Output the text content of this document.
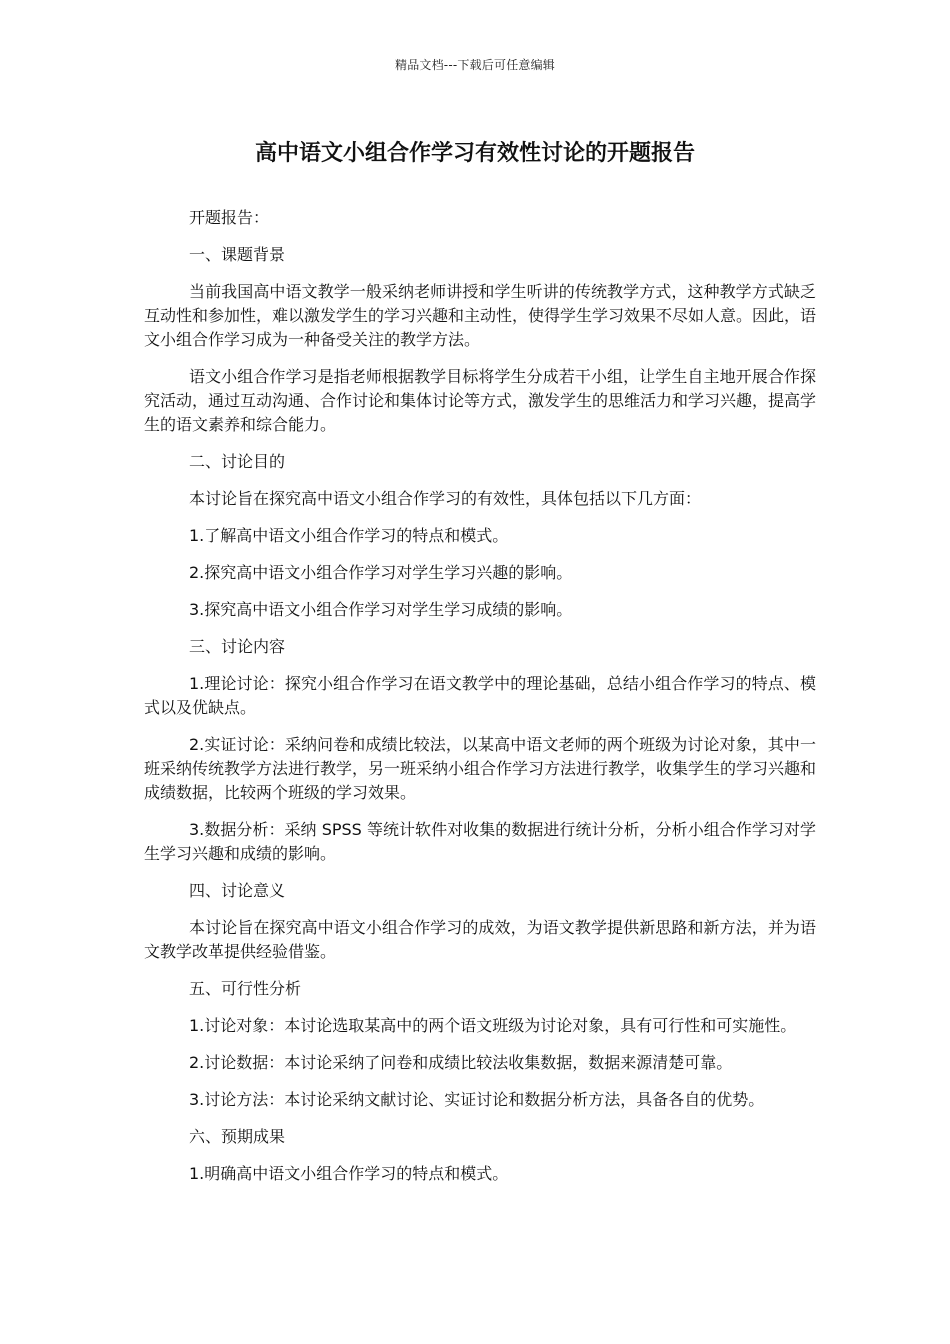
精品文档---下载后可任意编辑
高中语文小组合作学习有效性讨论的开题报告

开题报告：

一、课题背景

当前我国高中语文教学一般采纳老师讲授和学生听讲的传统教学方式，这种教学方式缺乏互动性和参加性，难以激发学生的学习兴趣和主动性，使得学生学习效果不尽如人意。因此，语文小组合作学习成为一种备受关注的教学方法。

语文小组合作学习是指老师根据教学目标将学生分成若干小组，让学生自主地开展合作探究活动，通过互动沟通、合作讨论和集体讨论等方式，激发学生的思维活力和学习兴趣，提高学生的语文素养和综合能力。

二、讨论目的

本讨论旨在探究高中语文小组合作学习的有效性，具体包括以下几方面：

1.了解高中语文小组合作学习的特点和模式。

2.探究高中语文小组合作学习对学生学习兴趣的影响。

3.探究高中语文小组合作学习对学生学习成绩的影响。

三、讨论内容

1.理论讨论：探究小组合作学习在语文教学中的理论基础，总结小组合作学习的特点、模式以及优缺点。

2.实证讨论：采纳问卷和成绩比较法，以某高中语文老师的两个班级为讨论对象，其中一班采纳传统教学方法进行教学，另一班采纳小组合作学习方法进行教学，收集学生的学习兴趣和成绩数据，比较两个班级的学习效果。

3.数据分析：采纳 SPSS 等统计软件对收集的数据进行统计分析，分析小组合作学习对学生学习兴趣和成绩的影响。

四、讨论意义

本讨论旨在探究高中语文小组合作学习的成效，为语文教学提供新思路和新方法，并为语文教学改革提供经验借鉴。

五、可行性分析

1.讨论对象：本讨论选取某高中的两个语文班级为讨论对象，具有可行性和可实施性。

2.讨论数据：本讨论采纳了问卷和成绩比较法收集数据，数据来源清楚可靠。

3.讨论方法：本讨论采纳文献讨论、实证讨论和数据分析方法，具备各自的优势。

六、预期成果

1.明确高中语文小组合作学习的特点和模式。
